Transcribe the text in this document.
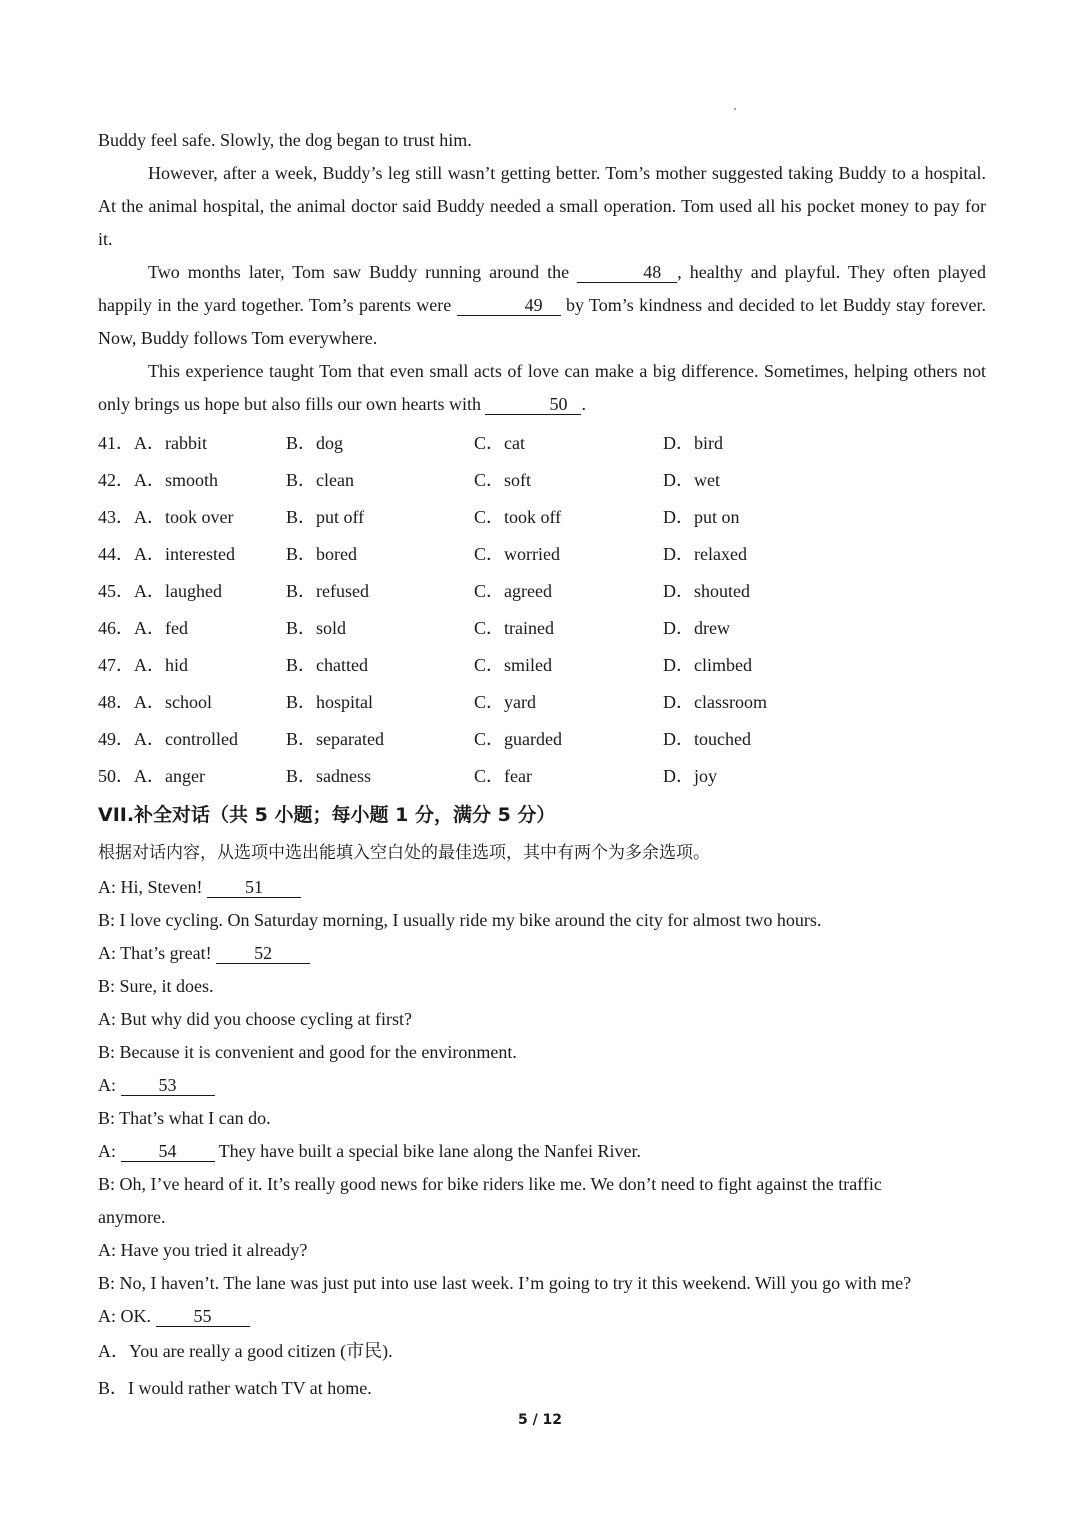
Buddy feel safe. Slowly, the dog began to trust him.

However, after a week, Buddy’s leg still wasn’t getting better. Tom’s mother suggested taking Buddy to a hospital. At the animal hospital, the animal doctor said Buddy needed a small operation. Tom used all his pocket money to pay for it.

Two months later, Tom saw Buddy running around the	48 , healthy and playful. They often played happily in the yard together. Tom’s parents were	49 by Tom’s kindness and decided to let Buddy stay forever. Now, Buddy follows Tom everywhere.

This experience taught Tom that even small acts of love can make a big difference. Sometimes, helping others not only brings us hope but also fills our own hearts with	50 .

41．A．rabbit	B．dog	C．cat	D．bird
42．A．smooth	B．clean	C．soft	D．wet
43．A．took over	B．put off	C．took off	D．put on
44．A．interested	B．bored	C．worried	D．relaxed
45．A．laughed	B．refused	C．agreed	D．shouted
46．A．fed	B．sold	C．trained	D．drew
47．A．hid	B．chatted	C．smiled	D．climbed
48．A．school	B．hospital	C．yard	D．classroom
49．A．controlled	B．separated	C．guarded	D．touched
50．A．anger	B．sadness	C．fear	D．joy
VII.补全对话（共 5 小题；每小题 1 分，满分 5 分）
根据对话内容，从选项中选出能填入空白处的最佳选项，其中有两个为多余选项。

A: Hi, Steven! 51

B: I love cycling. On Saturday morning, I usually ride my bike around the city for almost two hours.

A: That’s great! 52

B: Sure, it does.

A: But why did you choose cycling at first?

B: Because it is convenient and good for the environment.

A: 53

B: That’s what I can do.

A: 54 They have built a special bike lane along the Nanfei River.

B: Oh, I’ve heard of it. It’s really good news for bike riders like me. We don’t need to fight against the traffic anymore.

A: Have you tried it already?

B: No, I haven’t. The lane was just put into use last week. I’m going to try it this weekend. Will you go with me?

A: OK. 55

A．You are really a good citizen (市民).
B．I would rather watch TV at home.
5 / 12
